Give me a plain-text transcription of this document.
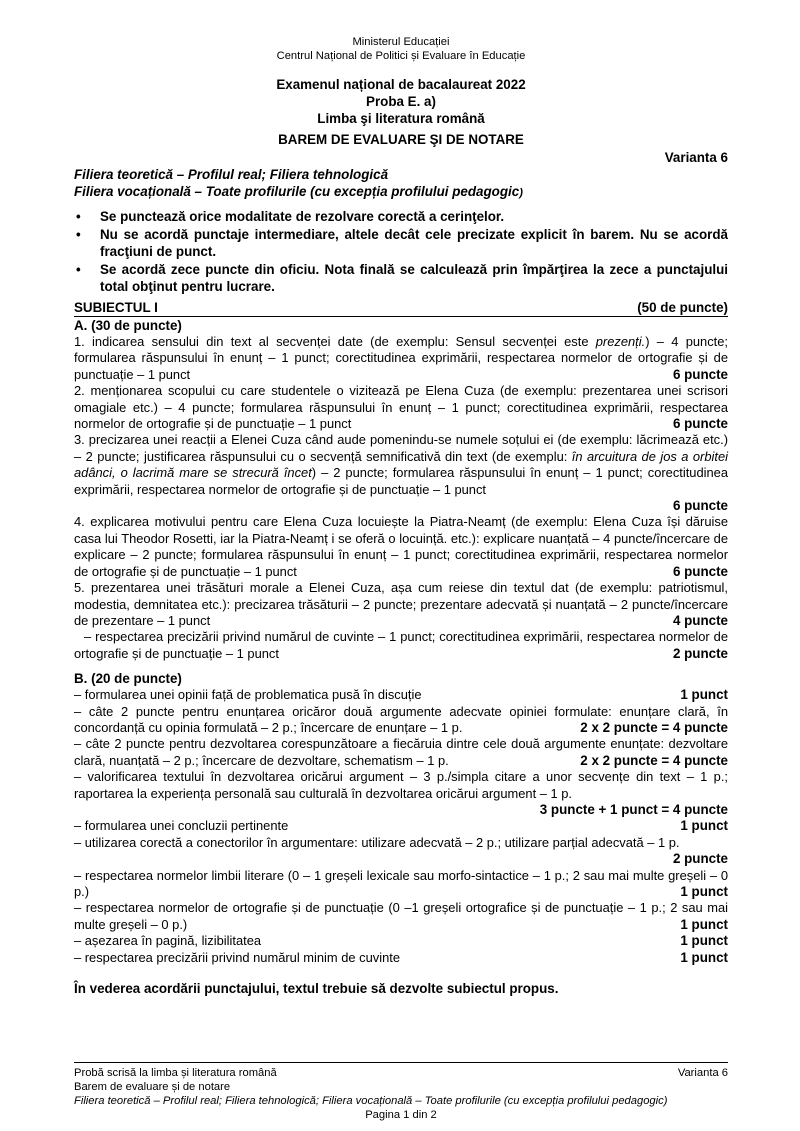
Ministerul Educației
Centrul Național de Politici și Evaluare în Educație
Examenul național de bacalaureat 2022
Proba E. a)
Limba şi literatura română
BAREM DE EVALUARE ŞI DE NOTARE
Varianta 6
Filiera teoretică – Profilul real; Filiera tehnologică
Filiera vocațională – Toate profilurile (cu excepția profilului pedagogic)
• Se punctează orice modalitate de rezolvare corectă a cerinţelor.
• Nu se acordă punctaje intermediare, altele decât cele precizate explicit în barem. Nu se acordă fracţiuni de punct.
• Se acordă zece puncte din oficiu. Nota finală se calculează prin împărţirea la zece a punctajului total obţinut pentru lucrare.
SUBIECTUL I	(50 de puncte)
A. (30 de puncte)
1. indicarea sensului din text al secvenței date (de exemplu: Sensul secvenței este prezenți.) – 4 puncte; formularea răspunsului în enunț – 1 punct; corectitudinea exprimării, respectarea normelor de ortografie și de punctuație – 1 punct	6 puncte
2. menționarea scopului cu care studentele o vizitează pe Elena Cuza (de exemplu: prezentarea unei scrisori omagiale etc.) – 4 puncte; formularea răspunsului în enunț – 1 punct; corectitudinea exprimării, respectarea normelor de ortografie și de punctuație – 1 punct	6 puncte
3. precizarea unei reacții a Elenei Cuza când aude pomenindu-se numele soțului ei (de exemplu: lăcrimează etc.) – 2 puncte; justificarea răspunsului cu o secvență semnificativă din text (de exemplu: în arcuitura de jos a orbitei adânci, o lacrimă mare se strecură încet) – 2 puncte; formularea răspunsului în enunț – 1 punct; corectitudinea exprimării, respectarea normelor de ortografie și de punctuație – 1 punct
6 puncte
4. explicarea motivului pentru care Elena Cuza locuiește la Piatra-Neamț (de exemplu: Elena Cuza își dăruise casa lui Theodor Rosetti, iar la Piatra-Neamț i se oferă o locuință. etc.): explicare nuanțată – 4 puncte/încercare de explicare – 2 puncte; formularea răspunsului în enunț – 1 punct; corectitudinea exprimării, respectarea normelor de ortografie și de punctuație – 1 punct	6 puncte
5. prezentarea unei trăsături morale a Elenei Cuza, așa cum reiese din textul dat (de exemplu: patriotismul, modestia, demnitatea etc.): precizarea trăsăturii – 2 puncte; prezentare adecvată și nuanțată – 2 puncte/încercare de prezentare – 1 punct	4 puncte
– respectarea precizării privind numărul de cuvinte – 1 punct; corectitudinea exprimării, respectarea normelor de ortografie și de punctuație – 1 punct	2 puncte
B. (20 de puncte)
– formularea unei opinii față de problematica pusă în discuție	1 punct
– câte 2 puncte pentru enunțarea oricăror două argumente adecvate opiniei formulate: enunțare clară, în concordanță cu opinia formulată – 2 p.; încercare de enunțare – 1 p.	2 x 2 puncte = 4 puncte
– câte 2 puncte pentru dezvoltarea corespunzătoare a fiecăruia dintre cele două argumente enunțate: dezvoltare clară, nuanțată – 2 p.; încercare de dezvoltare, schematism – 1 p.	2 x 2 puncte = 4 puncte
– valorificarea textului în dezvoltarea oricărui argument – 3 p./simpla citare a unor secvențe din text – 1 p.; raportarea la experiența personală sau culturală în dezvoltarea oricărui argument – 1 p.
3 puncte + 1 punct = 4 puncte
– formularea unei concluzii pertinente	1 punct
– utilizarea corectă a conectorilor în argumentare: utilizare adecvată – 2 p.; utilizare parțial adecvată – 1 p.
2 puncte
– respectarea normelor limbii literare (0 – 1 greșeli lexicale sau morfo-sintactice – 1 p.; 2 sau mai multe greșeli – 0 p.)	1 punct
– respectarea normelor de ortografie și de punctuație (0 –1 greșeli ortografice și de punctuație – 1 p.; 2 sau mai multe greșeli – 0 p.)	1 punct
– așezarea în pagină, lizibilitatea	1 punct
– respectarea precizării privind numărul minim de cuvinte	1 punct
În vederea acordării punctajului, textul trebuie să dezvolte subiectul propus.
Probă scrisă la limba și literatura română	Varianta 6
Barem de evaluare și de notare
Filiera teoretică – Profilul real; Filiera tehnologică; Filiera vocațională – Toate profilurile (cu excepția profilului pedagogic)
Pagina 1 din 2
